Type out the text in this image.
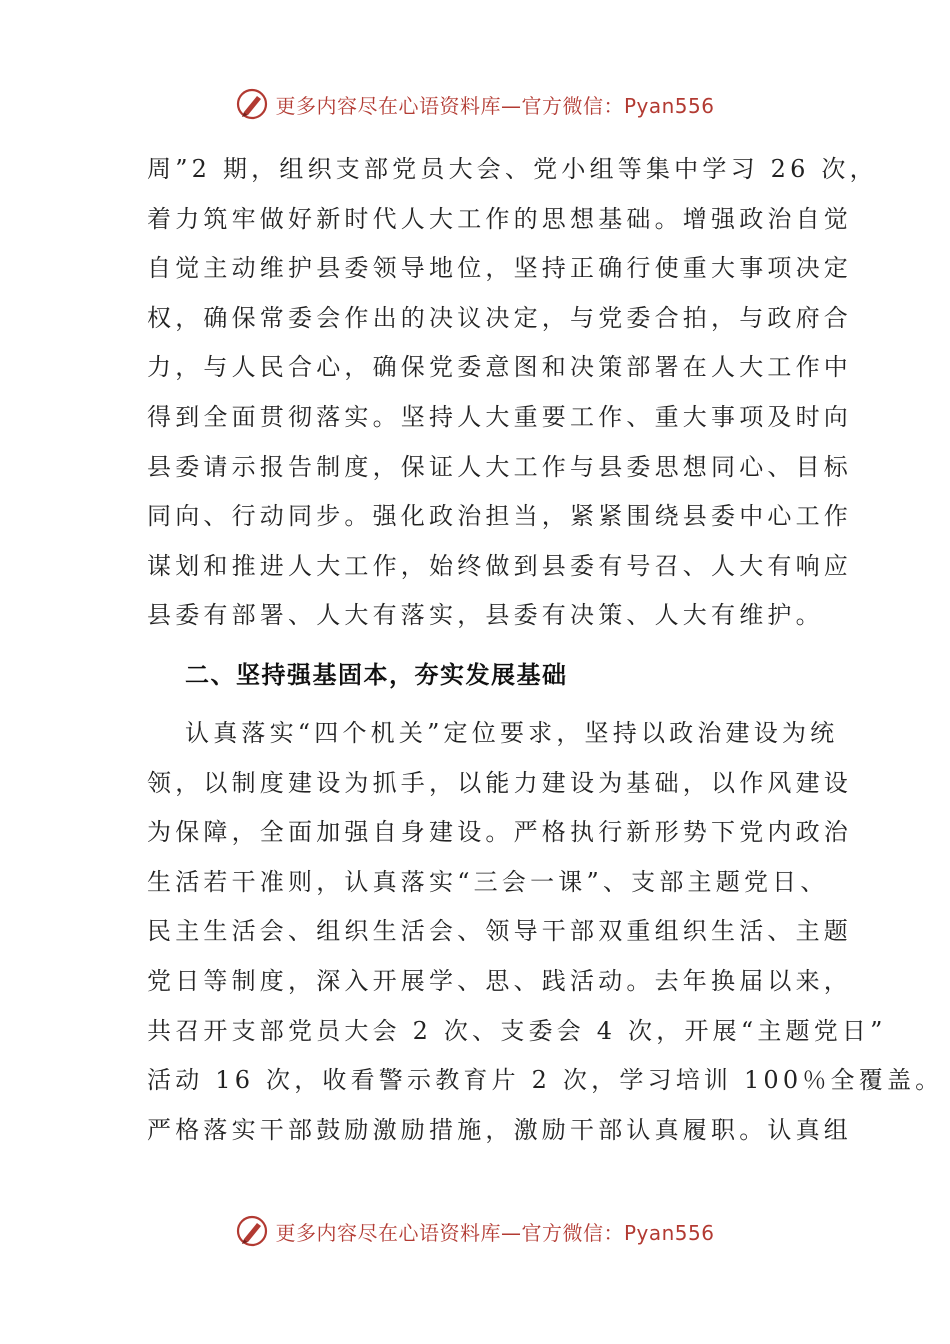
更多内容尽在心语资料库—官方微信：Pyan556
周”2 期，组织支部党员大会、党小组等集中学习 26 次，
着力筑牢做好新时代人大工作的思想基础。增强政治自觉
自觉主动维护县委领导地位，坚持正确行使重大事项决定
权，确保常委会作出的决议决定，与党委合拍，与政府合
力，与人民合心，确保党委意图和决策部署在人大工作中
得到全面贯彻落实。坚持人大重要工作、重大事项及时向
县委请示报告制度，保证人大工作与县委思想同心、目标
同向、行动同步。强化政治担当，紧紧围绕县委中心工作
谋划和推进人大工作，始终做到县委有号召、人大有响应
县委有部署、人大有落实，县委有决策、人大有维护。
二、坚持强基固本，夯实发展基础
认真落实“四个机关”定位要求，坚持以政治建设为统
领，以制度建设为抓手，以能力建设为基础，以作风建设
为保障，全面加强自身建设。严格执行新形势下党内政治
生活若干准则，认真落实“三会一课”、支部主题党日、
民主生活会、组织生活会、领导干部双重组织生活、主题
党日等制度，深入开展学、思、践活动。去年换届以来，
共召开支部党员大会 2 次、支委会 4 次，开展“主题党日”
活动 16 次，收看警示教育片 2 次，学习培训 100％全覆盖。
严格落实干部鼓励激励措施，激励干部认真履职。认真组
更多内容尽在心语资料库—官方微信：Pyan556
